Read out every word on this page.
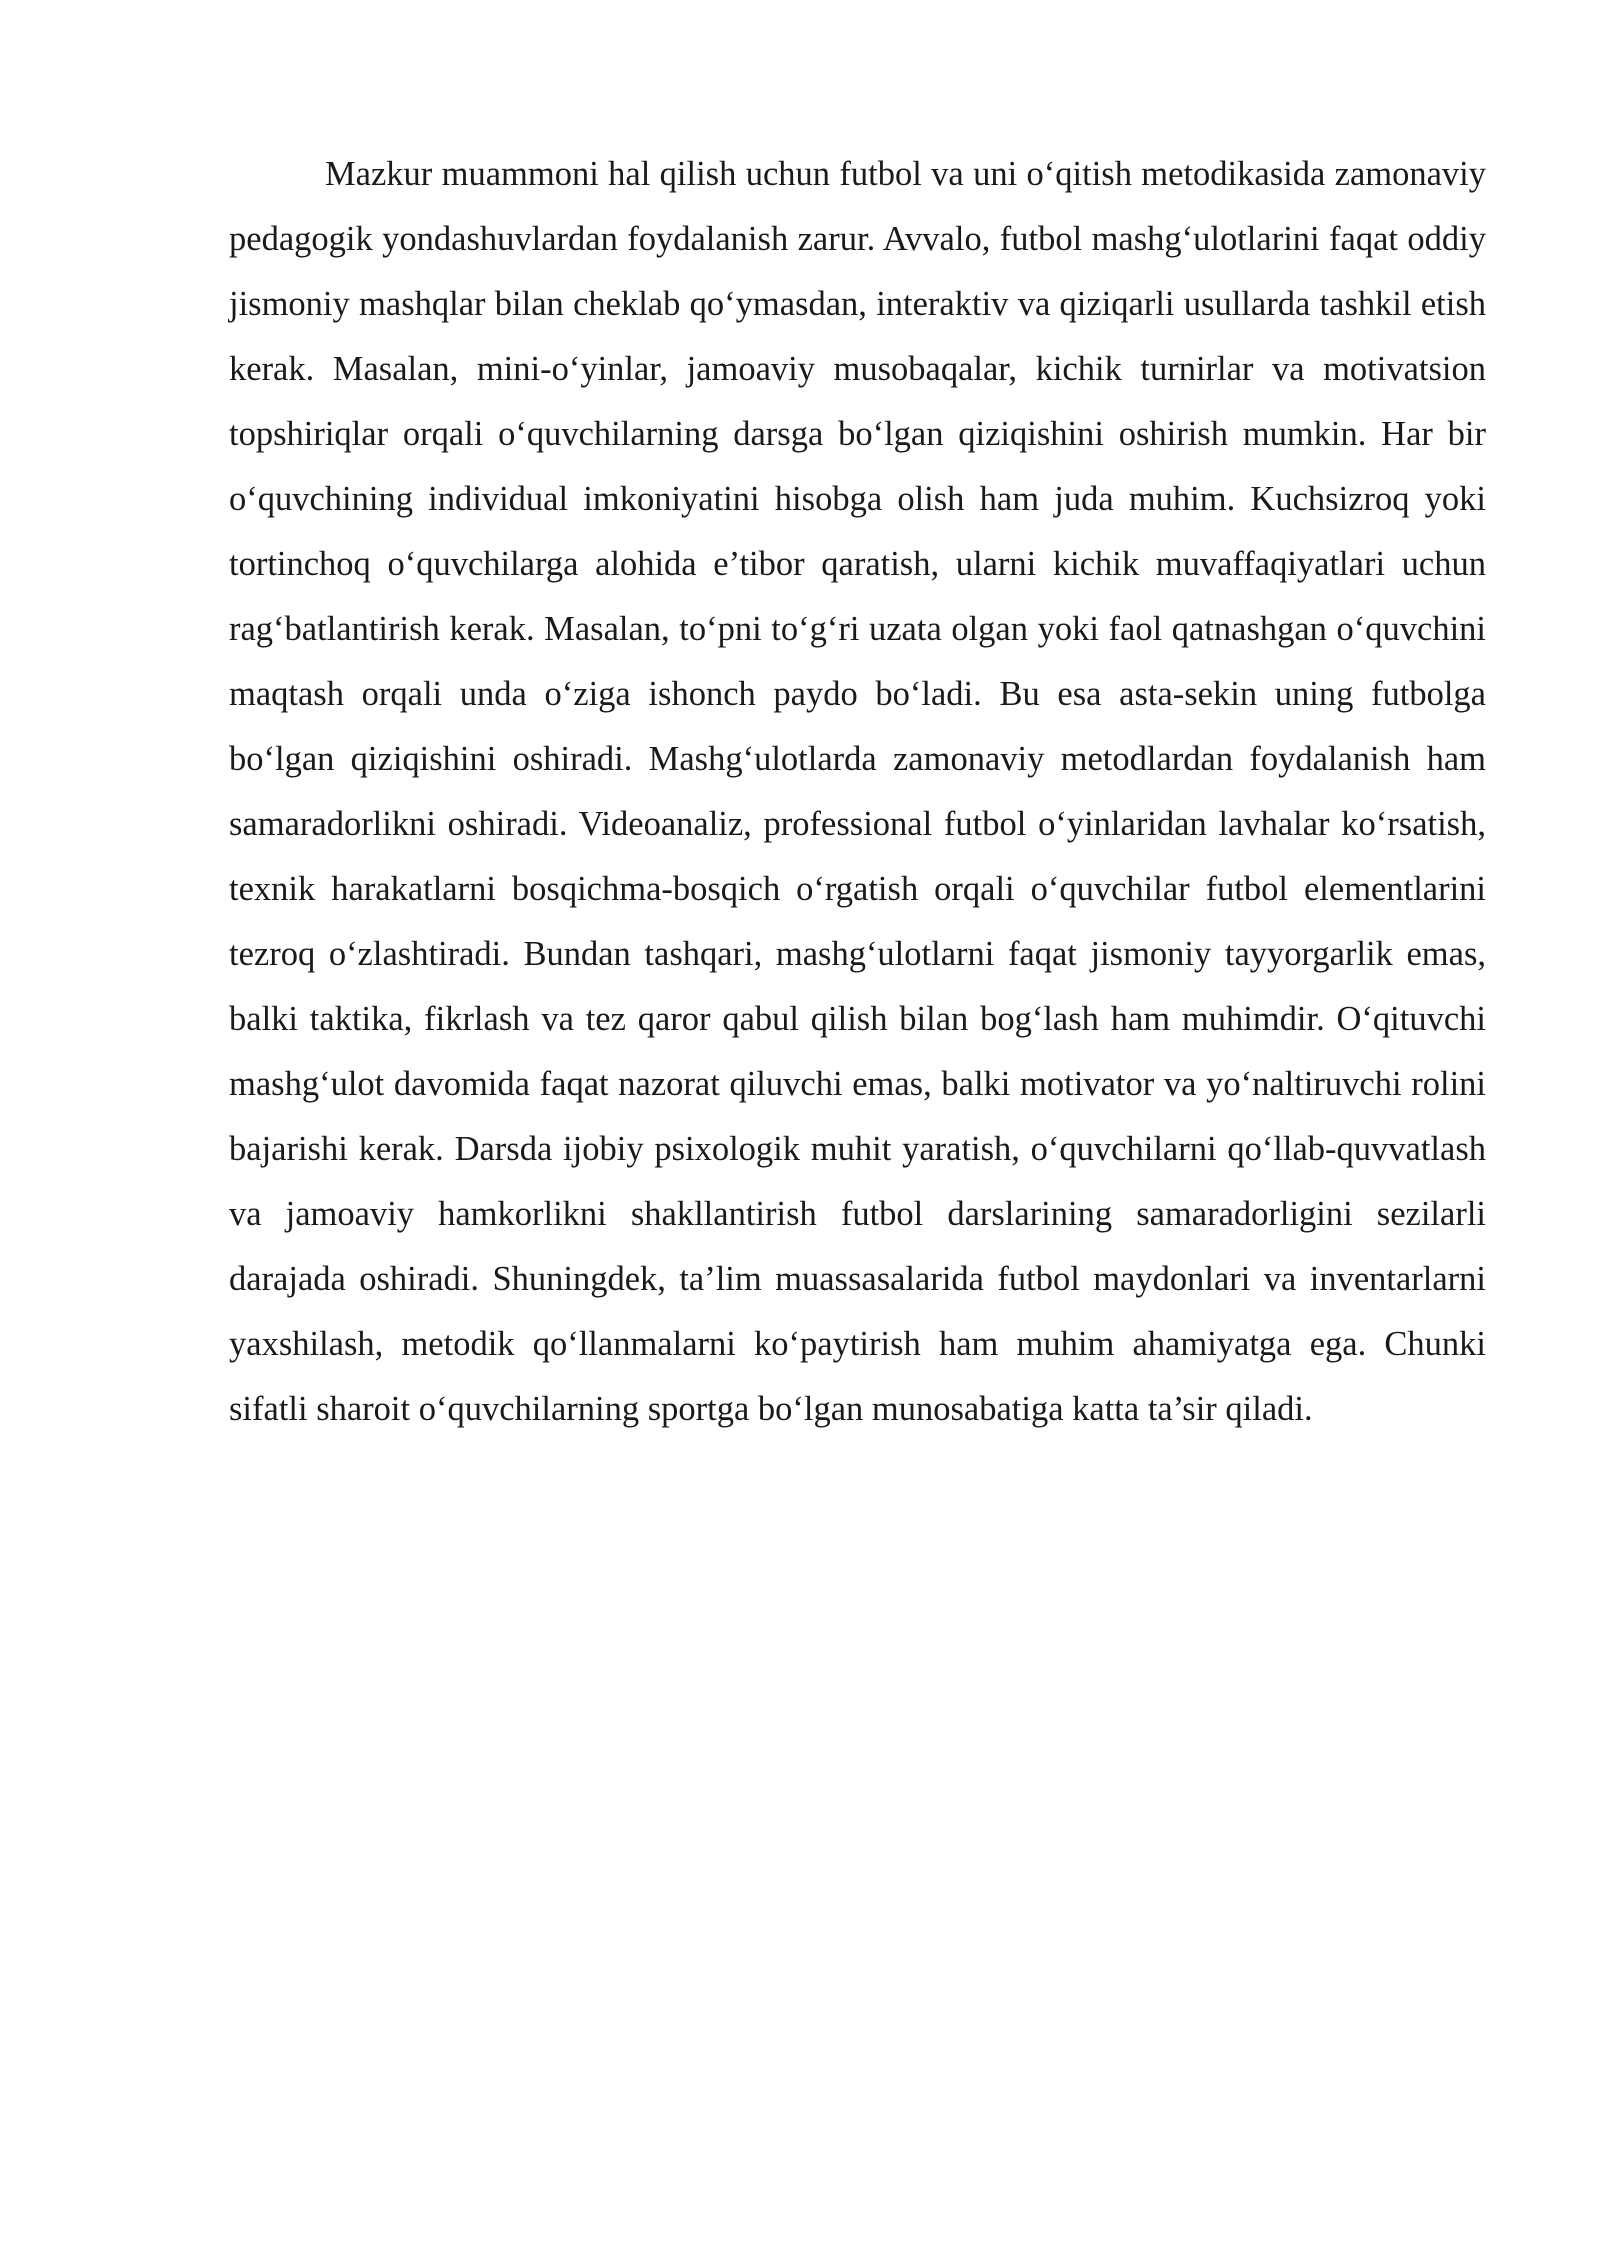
Mazkur muammoni hal qilish uchun futbol va uni o‘qitish metodikasida zamonaviy pedagogik yondashuvlardan foydalanish zarur. Avvalo, futbol mashg‘ulotlarini faqat oddiy jismoniy mashqlar bilan cheklab qo‘ymasdan, interaktiv va qiziqarli usullarda tashkil etish kerak. Masalan, mini-o‘yinlar, jamoaviy musobaqalar, kichik turnirlar va motivatsion topshiriqlar orqali o‘quvchilarning darsga bo‘lgan qiziqishini oshirish mumkin. Har bir o‘quvchining individual imkoniyatini hisobga olish ham juda muhim. Kuchsizroq yoki tortinchoq o‘quvchilarga alohida e’tibor qaratish, ularni kichik muvaffaqiyatlari uchun rag‘batlantirish kerak. Masalan, to‘pni to‘g‘ri uzata olgan yoki faol qatnashgan o‘quvchini maqtash orqali unda o‘ziga ishonch paydo bo‘ladi. Bu esa asta-sekin uning futbolga bo‘lgan qiziqishini oshiradi. Mashg‘ulotlarda zamonaviy metodlardan foydalanish ham samaradorlikni oshiradi. Videoanaliz, professional futbol o‘yinlaridan lavhalar ko‘rsatish, texnik harakatlarni bosqichma-bosqich o‘rgatish orqali o‘quvchilar futbol elementlarini tezroq o‘zlashtiradi. Bundan tashqari, mashg‘ulotlarni faqat jismoniy tayyorgarlik emas, balki taktika, fikrlash va tez qaror qabul qilish bilan bog‘lash ham muhimdir. O‘qituvchi mashg‘ulot davomida faqat nazorat qiluvchi emas, balki motivator va yo‘naltiruvchi rolini bajarishi kerak. Darsda ijobiy psixologik muhit yaratish, o‘quvchilarni qo‘llab-quvvatlash va jamoaviy hamkorlikni shakllantirish futbol darslarining samaradorligini sezilarli darajada oshiradi. Shuningdek, ta’lim muassasalarida futbol maydonlari va inventarlarni yaxshilash, metodik qo‘llanmalarni ko‘paytirish ham muhim ahamiyatga ega. Chunki sifatli sharoit o‘quvchilarning sportga bo‘lgan munosabatiga katta ta’sir qiladi.
